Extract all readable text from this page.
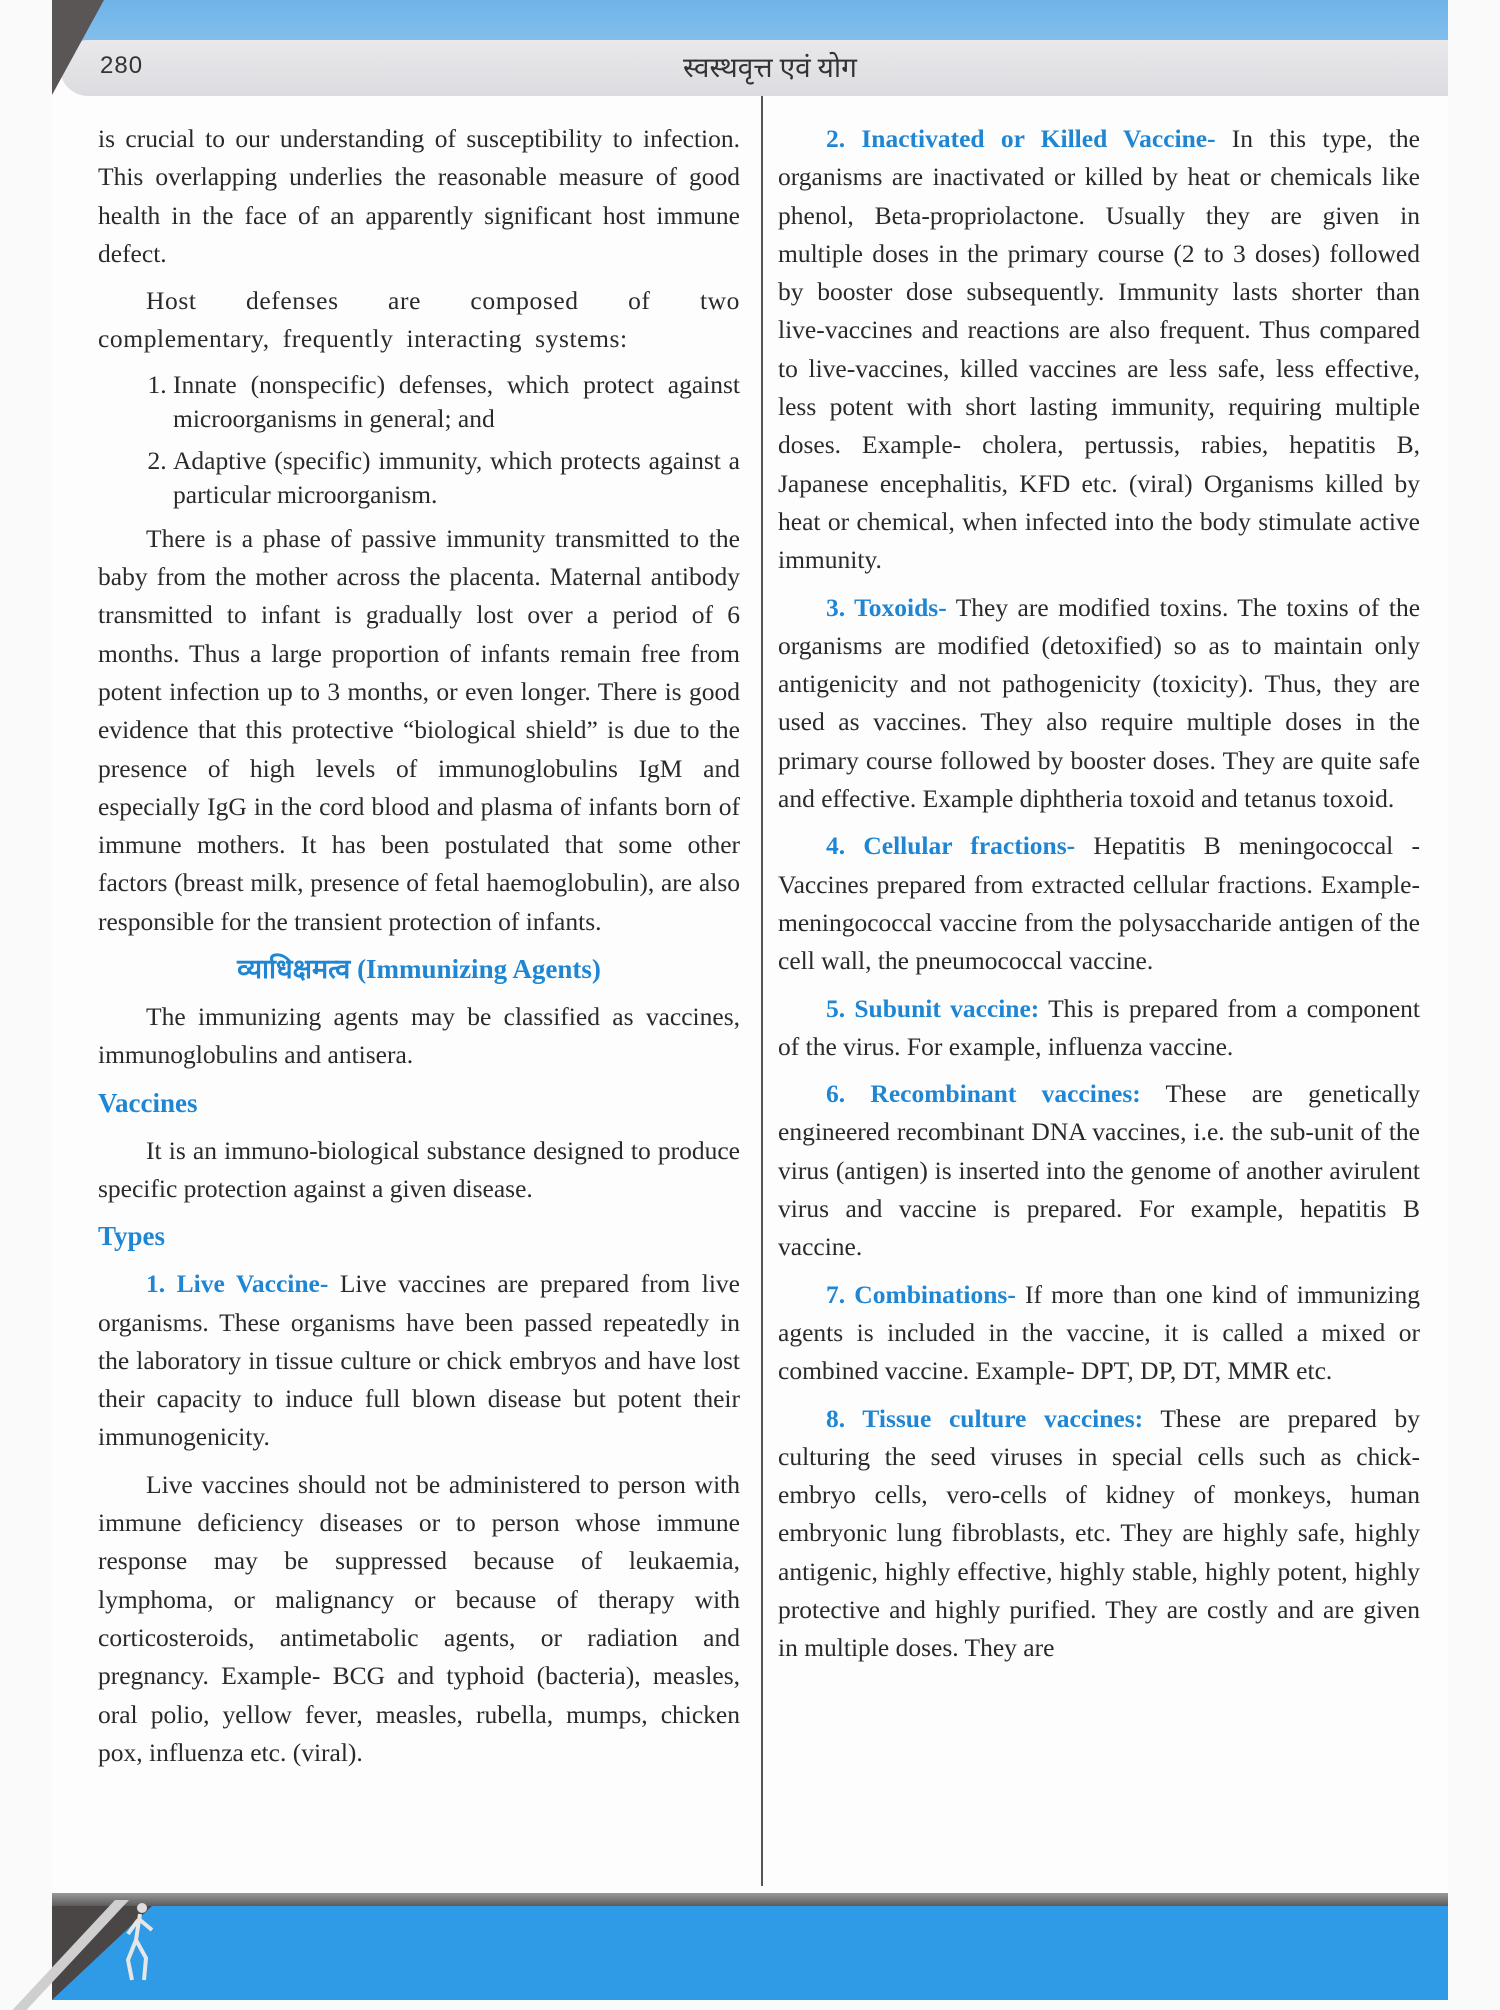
280	स्वस्थवृत्त एवं योग

is crucial to our understanding of susceptibility to infection. This overlapping underlies the reasonable measure of good health in the face of an apparently significant host immune defect.

Host defenses are composed of two complementary, frequently interacting systems:

1. Innate (nonspecific) defenses, which protect against microorganisms in general; and
2. Adaptive (specific) immunity, which protects against a particular microorganism.

There is a phase of passive immunity transmitted to the baby from the mother across the placenta. Maternal antibody transmitted to infant is gradually lost over a period of 6 months. Thus a large proportion of infants remain free from potent infection up to 3 months, or even longer. There is good evidence that this protective “biological shield” is due to the presence of high levels of immunoglobulins IgM and especially IgG in the cord blood and plasma of infants born of immune mothers. It has been postulated that some other factors (breast milk, presence of fetal haemoglobulin), are also responsible for the transient protection of infants.

व्याधिक्षमत्व (Immunizing Agents)

The immunizing agents may be classified as vaccines, immunoglobulins and antisera.

Vaccines

It is an immuno-biological substance designed to produce specific protection against a given disease.

Types

1. Live Vaccine- Live vaccines are prepared from live organisms. These organisms have been passed repeatedly in the laboratory in tissue culture or chick embryos and have lost their capacity to induce full blown disease but potent their immunogenicity.

Live vaccines should not be administered to person with immune deficiency diseases or to person whose immune response may be suppressed because of leukaemia, lymphoma, or malignancy or because of therapy with corticosteroids, antimetabolic agents, or radiation and pregnancy. Example- BCG and typhoid (bacteria), measles, oral polio, yellow fever, measles, rubella, mumps, chicken pox, influenza etc. (viral).

2. Inactivated or Killed Vaccine- In this type, the organisms are inactivated or killed by heat or chemicals like phenol, Beta-propriolactone. Usually they are given in multiple doses in the primary course (2 to 3 doses) followed by booster dose subsequently. Immunity lasts shorter than live-vaccines and reactions are also frequent. Thus compared to live-vaccines, killed vaccines are less safe, less effective, less potent with short lasting immunity, requiring multiple doses. Example- cholera, pertussis, rabies, hepatitis B, Japanese encephalitis, KFD etc. (viral) Organisms killed by heat or chemical, when infected into the body stimulate active immunity.

3. Toxoids- They are modified toxins. The toxins of the organisms are modified (detoxified) so as to maintain only antigenicity and not pathogenicity (toxicity). Thus, they are used as vaccines. They also require multiple doses in the primary course followed by booster doses. They are quite safe and effective. Example diphtheria toxoid and tetanus toxoid.

4. Cellular fractions- Hepatitis B meningococcal - Vaccines prepared from extracted cellular fractions. Example- meningococcal vaccine from the polysaccharide antigen of the cell wall, the pneumococcal vaccine.

5. Subunit vaccine: This is prepared from a component of the virus. For example, influenza vaccine.

6. Recombinant vaccines: These are genetically engineered recombinant DNA vaccines, i.e. the sub-unit of the virus (antigen) is inserted into the genome of another avirulent virus and vaccine is prepared. For example, hepatitis B vaccine.

7. Combinations- If more than one kind of immunizing agents is included in the vaccine, it is called a mixed or combined vaccine. Example- DPT, DP, DT, MMR etc.

8. Tissue culture vaccines: These are prepared by culturing the seed viruses in special cells such as chick-embryo cells, vero-cells of kidney of monkeys, human embryonic lung fibroblasts, etc. They are highly safe, highly antigenic, highly effective, highly stable, highly potent, highly protective and highly purified. They are costly and are given in multiple doses. They are
